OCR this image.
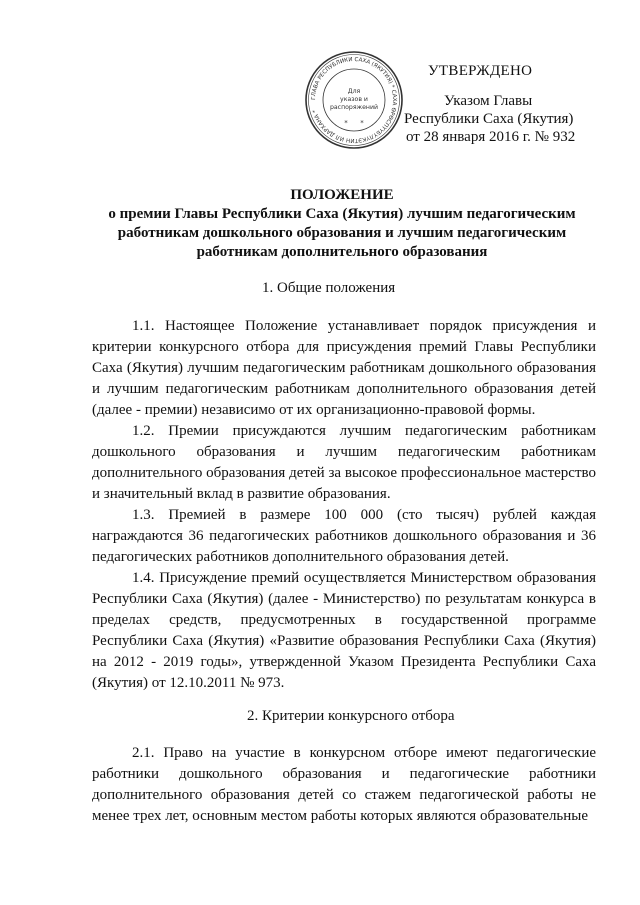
УТВЕРЖДЕНО
Указом Главы
Республики Саха (Якутия)
от 28 января 2016 г. № 932
ГЛАВА РЕСПУБЛИКИ САХА (ЯКУТИЯ) * САХА ӨРӨСПҮҮБҮЛҮКЭТИН ИЛ ДАРХАНА *
Для
указов и
распоряжений
* *
ПОЛОЖЕНИЕ
о премии Главы Республики Саха (Якутия) лучшим педагогическим
работникам дошкольного образования и лучшим педагогическим
работникам дополнительного образования
1. Общие положения

1.1. Настоящее Положение устанавливает порядок присуждения и критерии конкурсного отбора для присуждения премий Главы Республики Саха (Якутия) лучшим педагогическим работникам дошкольного образования и лучшим педагогическим работникам дополнительного образования детей (далее - премии) независимо от их организационно-правовой формы.

1.2. Премии присуждаются лучшим педагогическим работникам дошкольного образования и лучшим педагогическим работникам дополнительного образования детей за высокое профессиональное мастерство и значительный вклад в развитие образования.

1.3. Премией в размере 100 000 (сто тысяч) рублей каждая награждаются 36 педагогических работников дошкольного образования и 36 педагогических работников дополнительного образования детей.

1.4. Присуждение премий осуществляется Министерством образования Республики Саха (Якутия) (далее - Министерство) по результатам конкурса в пределах средств, предусмотренных в государственной программе Республики Саха (Якутия) «Развитие образования Республики Саха (Якутия) на 2012 - 2019 годы», утвержденной Указом Президента Республики Саха (Якутия) от 12.10.2011 № 973.

2. Критерии конкурсного отбора

2.1. Право на участие в конкурсном отборе имеют педагогические работники дошкольного образования и педагогические работники дополнительного образования детей со стажем педагогической работы не менее трех лет, основным местом работы которых являются образовательные
